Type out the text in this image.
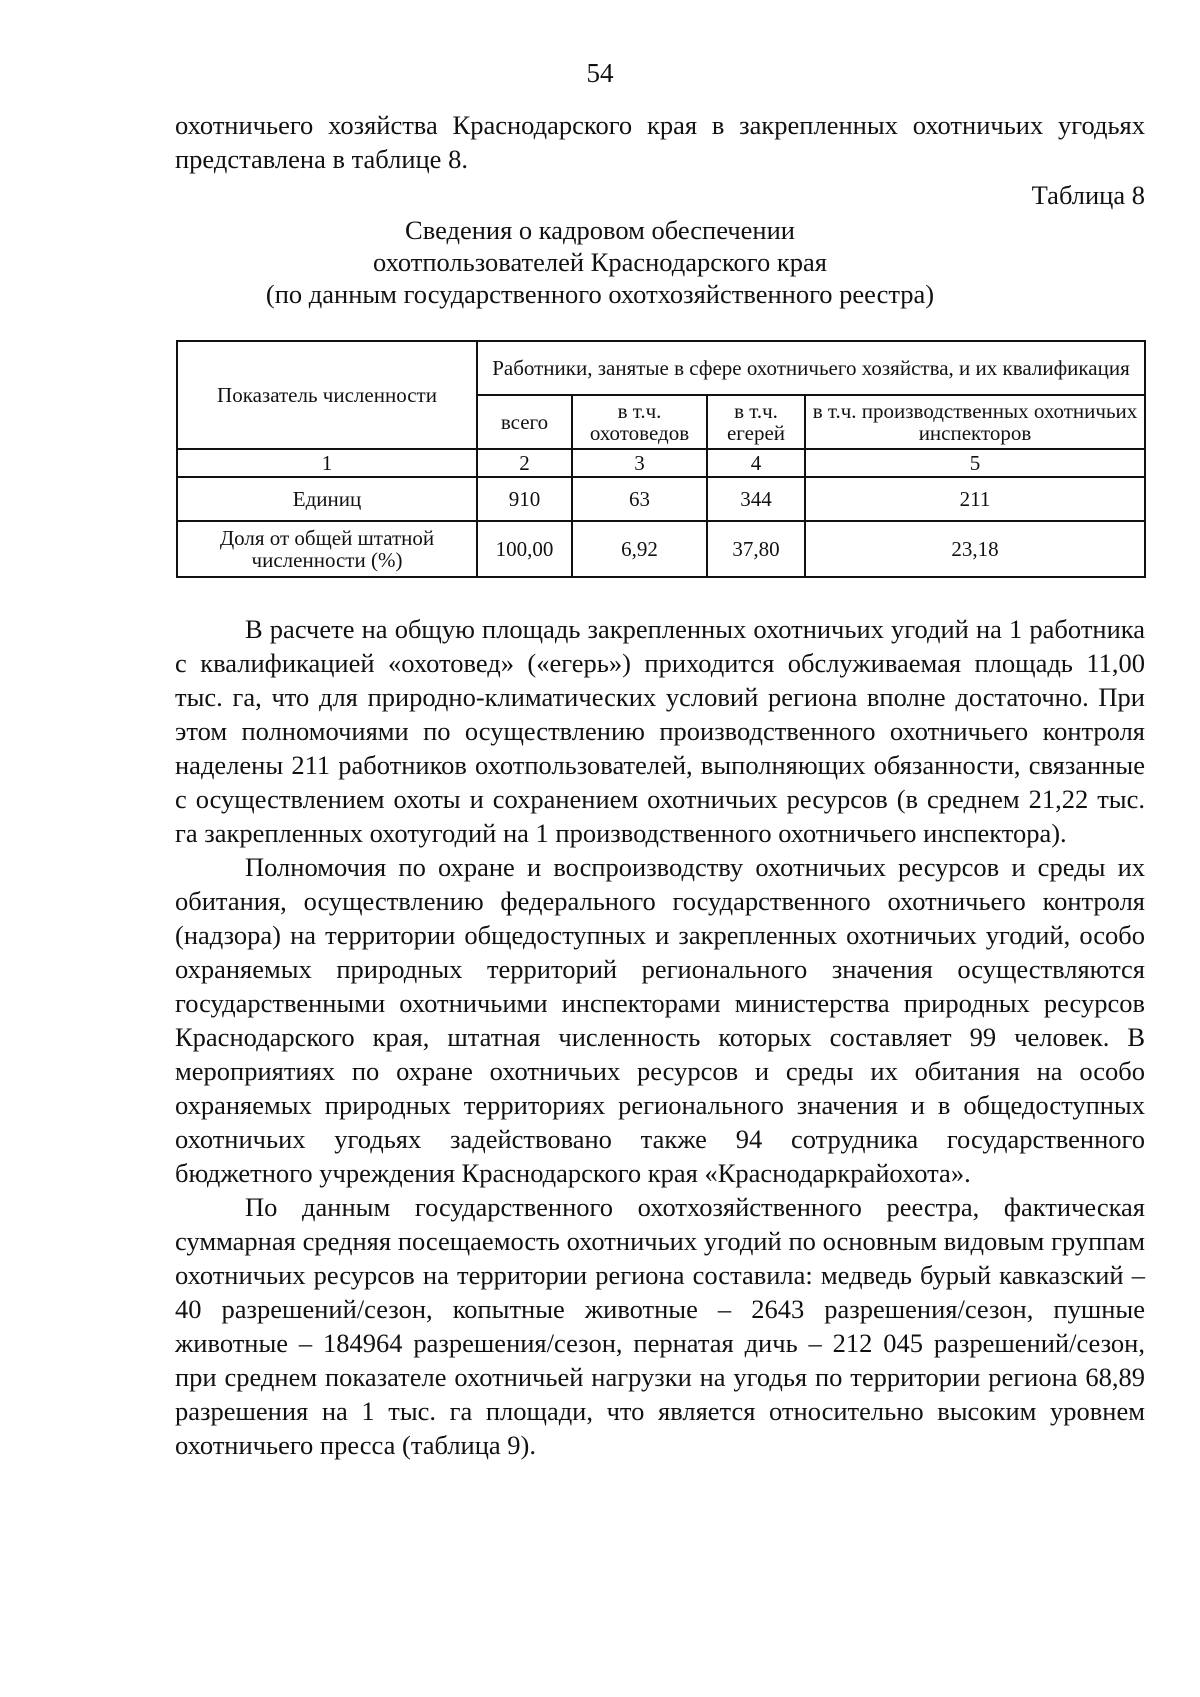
54
охотничьего хозяйства Краснодарского края в закрепленных охотничьих угодьях представлена в таблице 8.
Таблица 8
Сведения о кадровом обеспечении
охотпользователей Краснодарского края
(по данным государственного охотхозяйственного реестра)
Показатель численности	Работники, занятые в сфере охотничьего хозяйства, и их квалификация			
	всего	в т.ч. охотоведов	в т.ч. егерей	в т.ч. производственных охотничьих инспекторов
1	2	3	4	5
Единиц	910	63	344	211
Доля от общей штатной численности (%)	100,00	6,92	37,80	23,18

В расчете на общую площадь закрепленных охотничьих угодий на 1 работника с квалификацией «охотовед» («егерь») приходится обслуживаемая площадь 11,00 тыс. га, что для природно-климатических условий региона вполне достаточно. При этом полномочиями по осуществлению производственного охотничьего контроля наделены 211 работников охотпользователей, выполняющих обязанности, связанные с осуществлением охоты и сохранением охотничьих ресурсов (в среднем 21,22 тыс. га закрепленных охотугодий на 1 производственного охотничьего инспектора).

Полномочия по охране и воспроизводству охотничьих ресурсов и среды их обитания, осуществлению федерального государственного охотничьего контроля (надзора) на территории общедоступных и закрепленных охотничьих угодий, особо охраняемых природных территорий регионального значения осуществляются государственными охотничьими инспекторами министерства природных ресурсов Краснодарского края, штатная численность которых составляет 99 человек. В мероприятиях по охране охотничьих ресурсов и среды их обитания на особо охраняемых природных территориях регионального значения и в общедоступных охотничьих угодьях задействовано также 94 сотрудника государственного бюджетного учреждения Краснодарского края «Краснодаркрайохота».

По данным государственного охотхозяйственного реестра, фактическая суммарная средняя посещаемость охотничьих угодий по основным видовым группам охотничьих ресурсов на территории региона составила: медведь бурый кавказский – 40 разрешений/сезон, копытные животные – 2643 разрешения/сезон, пушные животные – 184964 разрешения/сезон, пернатая дичь – 212 045 разрешений/сезон, при среднем показателе охотничьей нагрузки на угодья по территории региона 68,89 разрешения на 1 тыс. га площади, что является относительно высоким уровнем охотничьего пресса (таблица 9).
